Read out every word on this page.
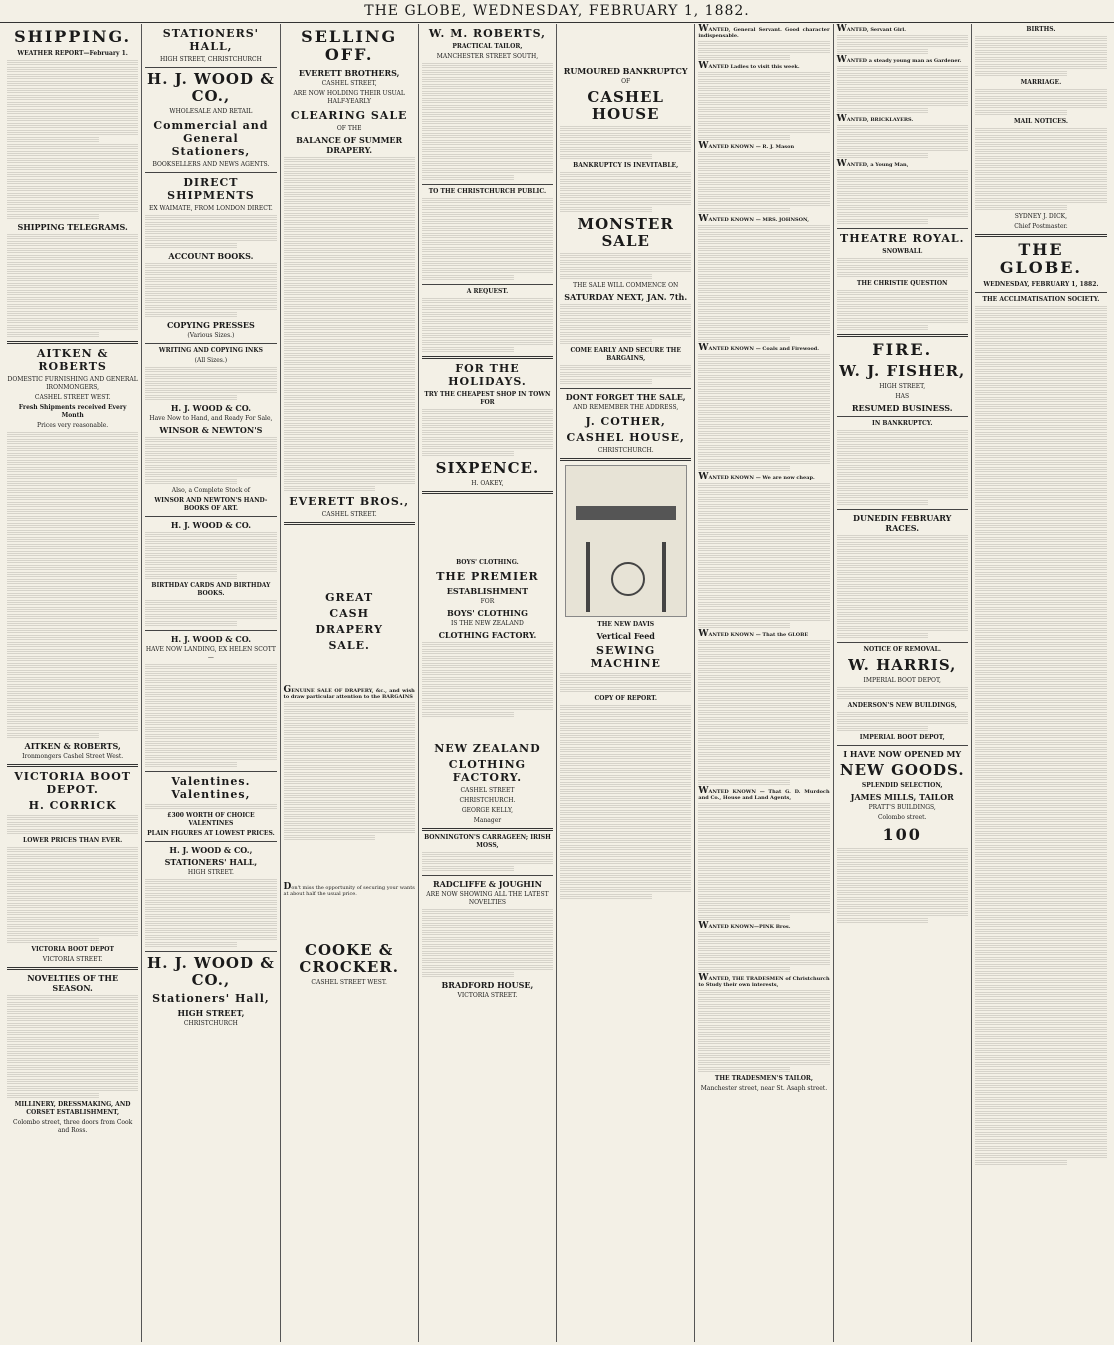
THE GLOBE, WEDNESDAY, FEBRUARY 1, 1882.
SHIPPING.
WEATHER REPORT—February 1.
SHIPPING TELEGRAMS.
AITKEN & ROBERTS
DOMESTIC FURNISHING AND GENERAL IRONMONGERS,
CASHEL STREET WEST.
Fresh Shipments received Every Month
Prices very reasonable.
AITKEN & ROBERTS,
Ironmongers Cashel Street West.
VICTORIA BOOT DEPOT.
H. CORRICK
LOWER PRICES THAN EVER.
VICTORIA BOOT DEPOT
VICTORIA STREET.
NOVELTIES OF THE SEASON.
MILLINERY, DRESSMAKING, AND CORSET ESTABLISHMENT,
Colombo street, three doors from Cook and Ross.
STATIONERS' HALL,
HIGH STREET, CHRISTCHURCH
H. J. WOOD & CO.,
WHOLESALE AND RETAIL
Commercial and General Stationers,
BOOKSELLERS AND NEWS AGENTS.
DIRECT SHIPMENTS
EX WAIMATE, FROM LONDON DIRECT.
ACCOUNT BOOKS.
COPYING PRESSES
(Various Sizes.)
WRITING AND COPYING INKS
(All Sizes.)
H. J. WOOD & CO.
Have Now to Hand, and Ready For Sale,
WINSOR & NEWTON'S
Also, a Complete Stock of
WINSOR AND NEWTON'S HAND-BOOKS OF ART.
H. J. WOOD & CO.
BIRTHDAY CARDS AND BIRTHDAY BOOKS.
H. J. WOOD & CO.
HAVE NOW LANDING, EX HELEN SCOTT—
Valentines. Valentines,
£300 WORTH OF CHOICE VALENTINES
PLAIN FIGURES AT LOWEST PRICES.
H. J. WOOD & CO.,
STATIONERS' HALL,
HIGH STREET.
H. J. WOOD & CO.,
Stationers' Hall,
HIGH STREET,
CHRISTCHURCH
SELLING OFF.
EVERETT BROTHERS,
CASHEL STREET,
ARE NOW HOLDING THEIR USUAL HALF-YEARLY
CLEARING SALE
OF THE
BALANCE OF SUMMER DRAPERY.
EVERETT BROS.,
CASHEL STREET.
GREAT
CASH
DRAPERY
SALE.
GENUINE SALE OF DRAPERY, &c., and wish to draw particular attention to the BARGAINS
Don't miss the opportunity of securing your wants at about half the usual price.
COOKE & CROCKER.
CASHEL STREET WEST.
W. M. ROBERTS,
PRACTICAL TAILOR,
MANCHESTER STREET SOUTH,
TO THE CHRISTCHURCH PUBLIC.
A REQUEST.
FOR THE HOLIDAYS.
TRY THE CHEAPEST SHOP IN TOWN FOR
SIXPENCE.
H. OAKEY,
BOYS' CLOTHING.
THE PREMIER
ESTABLISHMENT
FOR
BOYS' CLOTHING
IS THE NEW ZEALAND
CLOTHING FACTORY.
NEW ZEALAND
CLOTHING FACTORY.
CASHEL STREET
CHRISTCHURCH.
GEORGE KELLY,
Manager
BONNINGTON'S CARRAGEEN; IRISH MOSS,
RADCLIFFE & JOUGHIN
ARE NOW SHOWING ALL THE LATEST NOVELTIES
BRADFORD HOUSE,
VICTORIA STREET.
RUMOURED BANKRUPTCY
OF
CASHEL HOUSE
BANKRUPTCY IS INEVITABLE,
MONSTER SALE
THE SALE WILL COMMENCE ON
SATURDAY NEXT, JAN. 7th.
COME EARLY AND SECURE THE BARGAINS,
DONT FORGET THE SALE,
AND REMEMBER THE ADDRESS,
J. COTHER,
CASHEL HOUSE,
CHRISTCHURCH.
THE NEW DAVIS
Vertical Feed
SEWING MACHINE
COPY OF REPORT.
WANTED, General Servant. Good character indispensable.
WANTED Ladies to visit this week.
WANTED KNOWN — R. J. Mason
WANTED KNOWN — MRS. JOHNSON,
WANTED KNOWN — Coals and Firewood.
WANTED KNOWN — We are now cheap.
WANTED KNOWN — That the GLOBE
WANTED KNOWN — That G. D. Murdoch and Co., House and Land Agents,
WANTED KNOWN—PINK Bros.
WANTED, THE TRADESMEN of Christchurch to Study their own interests,
THE TRADESMEN'S TAILOR,
Manchester street, near St. Asaph street.
WANTED, Servant Girl.
WANTED a steady young man as Gardener.
WANTED, BRICKLAYERS.
WANTED, a Young Man,
THEATRE ROYAL.
SNOWBALL
THE CHRISTIE QUESTION
FIRE.
W. J. FISHER,
HIGH STREET,
HAS
RESUMED BUSINESS.
IN BANKRUPTCY.
DUNEDIN FEBRUARY RACES.
NOTICE OF REMOVAL.
W. HARRIS,
IMPERIAL BOOT DEPOT,
ANDERSON'S NEW BUILDINGS,
IMPERIAL BOOT DEPOT,
I HAVE NOW OPENED MY
NEW GOODS.
SPLENDID SELECTION,
JAMES MILLS, TAILOR
PRATT'S BUILDINGS,
Colombo street.
100
BIRTHS.
MARRIAGE.
MAIL NOTICES.
SYDNEY J. DICK,
Chief Postmaster.
THE GLOBE.
WEDNESDAY, FEBRUARY 1, 1882.
THE ACCLIMATISATION SOCIETY.
